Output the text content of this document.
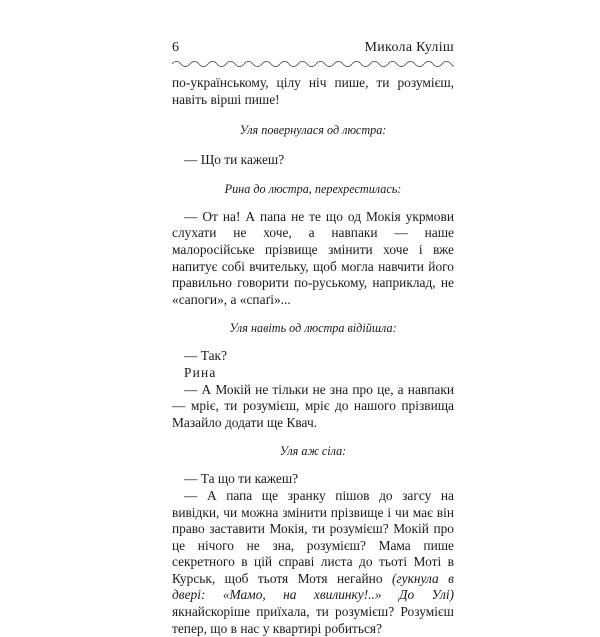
6	Микола Куліш

по-українському, цілу ніч пише, ти розумієш, навіть вірші пише!

Уля повернулася од люстра:

— Що ти кажеш?

Рина до люстра, перехрестилась:

— От на! А папа не те що од Мокія укрмови слухати не хоче, а навпаки — наше малоросійське прізвище змінити хоче і вже напитує собі вчительку, щоб могла навчити його правильно говорити по-руському, наприклад, не «сапоги», а «спаґі»...

Уля навіть од люстра відійшла:

— Так?

Рина

— А Мокій не тільки не зна про це, а навпаки — мріє, ти розумієш, мріє до нашого прізвища Мазайло додати ще Квач.

Уля аж сіла:

— Та що ти кажеш?

— А папа ще зранку пішов до загсу на вивідки, чи можна змінити прізвище і чи має він право заставити Мокія, ти розумієш? Мокій про це нічого не зна, розумієш? Мама пише секретного в цій справі листа до тьоті Моті в Курськ, щоб тьотя Мотя негайно (гукнула в двері: «Мамо, на хвилинку!..» До Улі) якнайскоріше приїхала, ти розумієш? Розумієш тепер, що в нас у квартирі робиться?
